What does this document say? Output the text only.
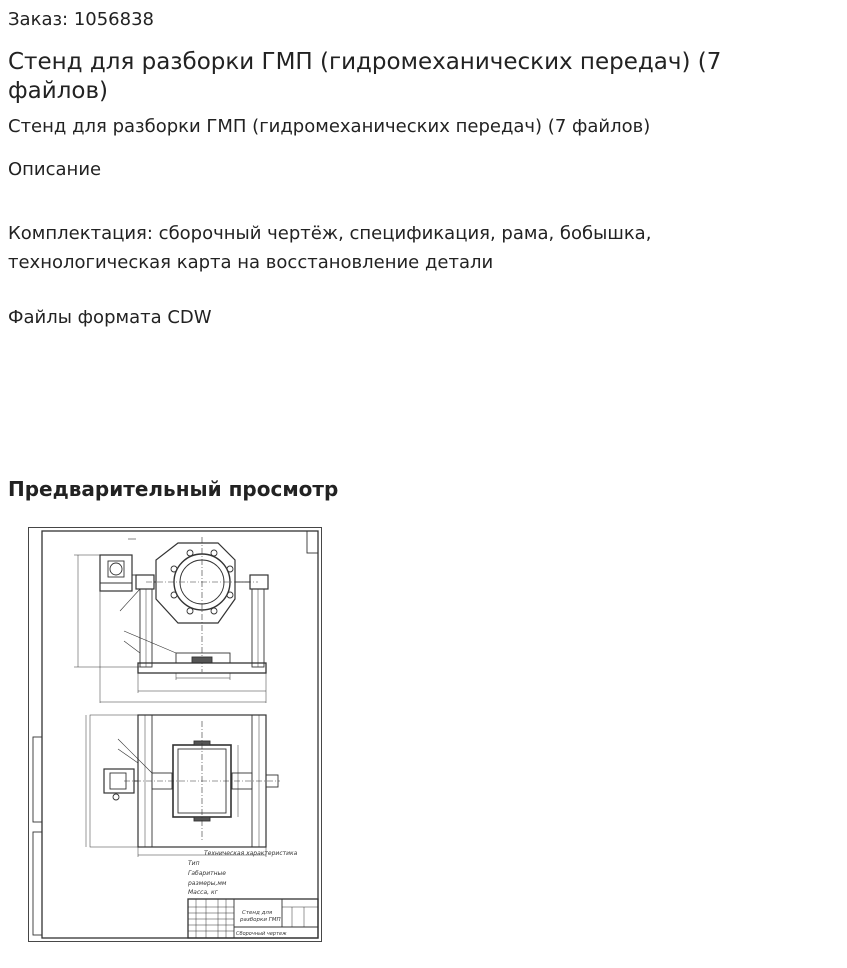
Заказ: 1056838
Стенд для разборки ГМП (гидромеханических передач) (7 файлов)
Стенд для разборки ГМП (гидромеханических передач) (7 файлов)
Описание
Комплектация: сборочный чертёж, спецификация, рама, бобышка, технологическая карта на восстановление детали
Файлы формата CDW
Предварительный просмотр
Техническая характеристика
Тип
Габаритные
размеры,мм
Масса, кг
Стенд для
разборки ГМП
Сборочный чертеж
